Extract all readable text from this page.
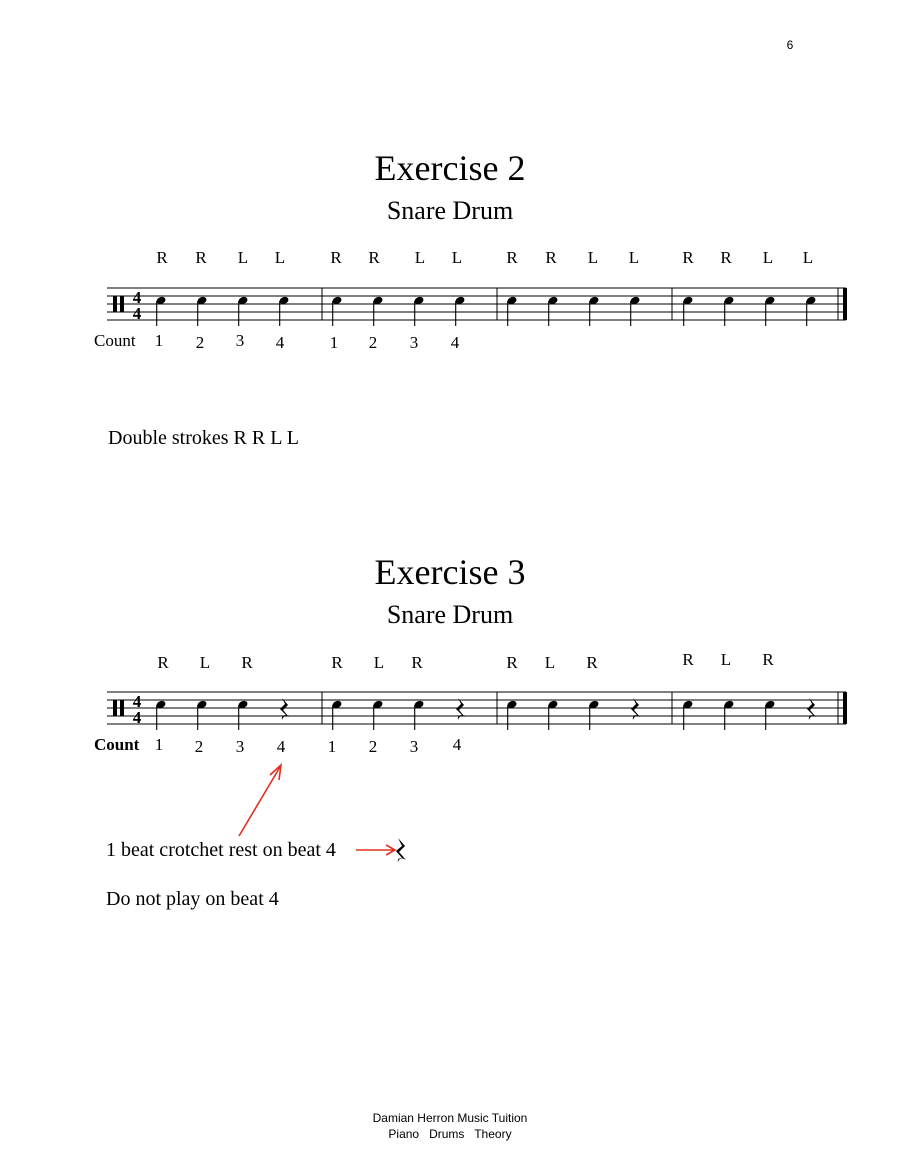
6
Exercise 2
Snare Drum
R R L L	R R L L	R R L L	R R L L
4
4
Count 1 2 3 4	1 2 3 4
Double strokes R R L L
Exercise 3
Snare Drum
R L R	R L R	R L R	R L R
4
4
Count 1 2 3 4	1 2 3 4
1 beat crotchet rest on beat 4
Do not play on beat 4
Damian Herron Music Tuition
Piano   Drums   Theory
